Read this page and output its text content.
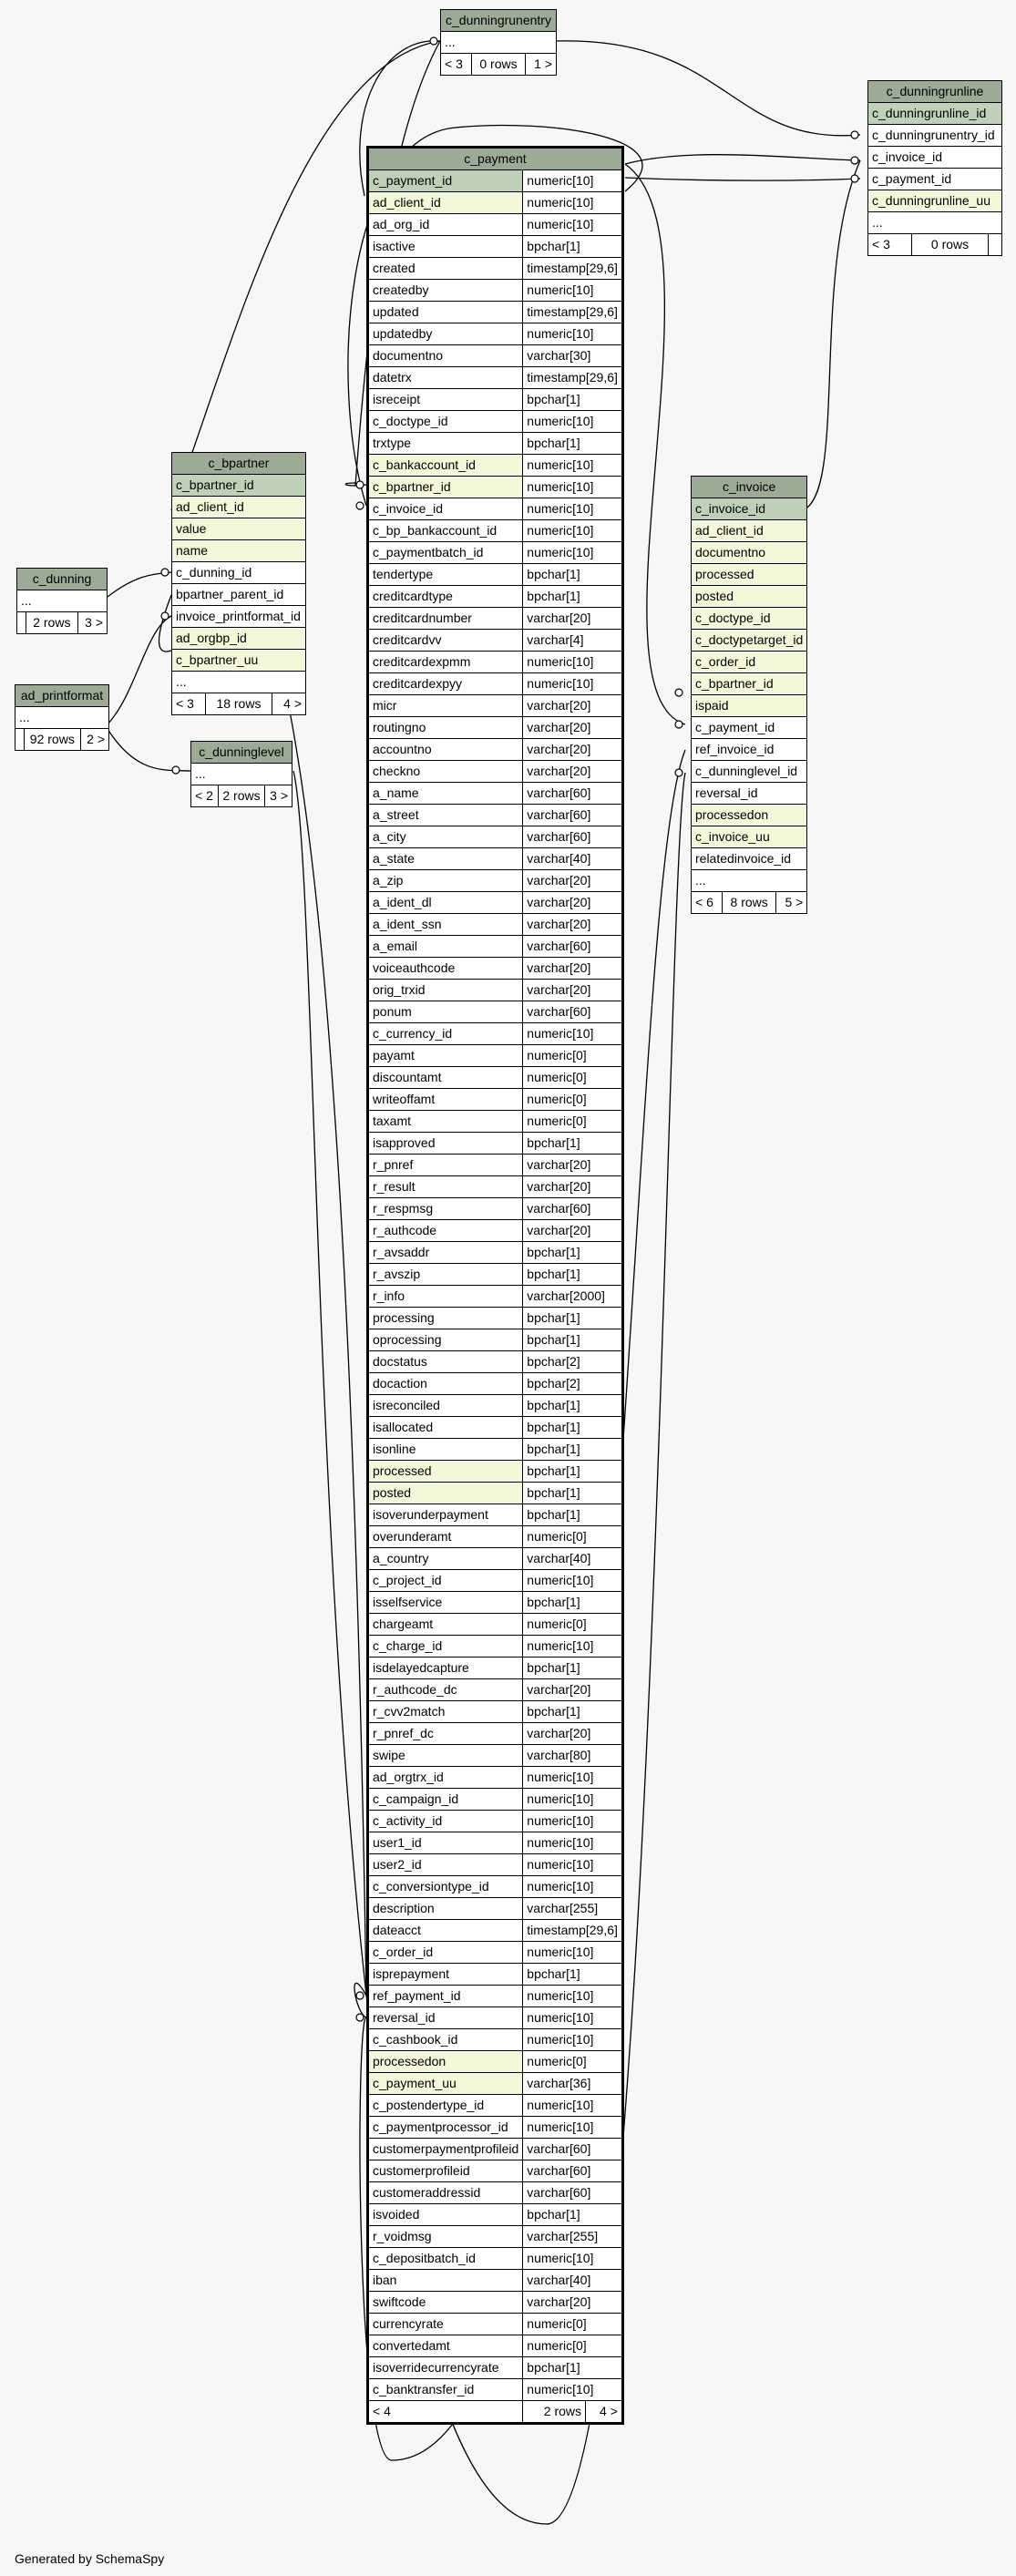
c_payment		
c_payment_id	numeric[10]	
ad_client_id	numeric[10]	
ad_org_id	numeric[10]	
isactive	bpchar[1]	
created	timestamp[29,6]	
createdby	numeric[10]	
updated	timestamp[29,6]	
updatedby	numeric[10]	
documentno	varchar[30]	
datetrx	timestamp[29,6]	
isreceipt	bpchar[1]	
c_doctype_id	numeric[10]	
trxtype	bpchar[1]	
c_bankaccount_id	numeric[10]	
c_bpartner_id	numeric[10]	
c_invoice_id	numeric[10]	
c_bp_bankaccount_id	numeric[10]	
c_paymentbatch_id	numeric[10]	
tendertype	bpchar[1]	
creditcardtype	bpchar[1]	
creditcardnumber	varchar[20]	
creditcardvv	varchar[4]	
creditcardexpmm	numeric[10]	
creditcardexpyy	numeric[10]	
micr	varchar[20]	
routingno	varchar[20]	
accountno	varchar[20]	
checkno	varchar[20]	
a_name	varchar[60]	
a_street	varchar[60]	
a_city	varchar[60]	
a_state	varchar[40]	
a_zip	varchar[20]	
a_ident_dl	varchar[20]	
a_ident_ssn	varchar[20]	
a_email	varchar[60]	
voiceauthcode	varchar[20]	
orig_trxid	varchar[20]	
ponum	varchar[60]	
c_currency_id	numeric[10]	
payamt	numeric[0]	
discountamt	numeric[0]	
writeoffamt	numeric[0]	
taxamt	numeric[0]	
isapproved	bpchar[1]	
r_pnref	varchar[20]	
r_result	varchar[20]	
r_respmsg	varchar[60]	
r_authcode	varchar[20]	
r_avsaddr	bpchar[1]	
r_avszip	bpchar[1]	
r_info	varchar[2000]	
processing	bpchar[1]	
oprocessing	bpchar[1]	
docstatus	bpchar[2]	
docaction	bpchar[2]	
isreconciled	bpchar[1]	
isallocated	bpchar[1]	
isonline	bpchar[1]	
processed	bpchar[1]	
posted	bpchar[1]	
isoverunderpayment	bpchar[1]	
overunderamt	numeric[0]	
a_country	varchar[40]	
c_project_id	numeric[10]	
isselfservice	bpchar[1]	
chargeamt	numeric[0]	
c_charge_id	numeric[10]	
isdelayedcapture	bpchar[1]	
r_authcode_dc	varchar[20]	
r_cvv2match	bpchar[1]	
r_pnref_dc	varchar[20]	
swipe	varchar[80]	
ad_orgtrx_id	numeric[10]	
c_campaign_id	numeric[10]	
c_activity_id	numeric[10]	
user1_id	numeric[10]	
user2_id	numeric[10]	
c_conversiontype_id	numeric[10]	
description	varchar[255]	
dateacct	timestamp[29,6]	
c_order_id	numeric[10]	
isprepayment	bpchar[1]	
ref_payment_id	numeric[10]	
reversal_id	numeric[10]	
c_cashbook_id	numeric[10]	
processedon	numeric[0]	
c_payment_uu	varchar[36]	
c_postendertype_id	numeric[10]	
c_paymentprocessor_id	numeric[10]	
customerpaymentprofileid	varchar[60]	
customerprofileid	varchar[60]	
customeraddressid	varchar[60]	
isvoided	bpchar[1]	
r_voidmsg	varchar[255]	
c_depositbatch_id	numeric[10]	
iban	varchar[40]	
swiftcode	varchar[20]	
currencyrate	numeric[0]	
convertedamt	numeric[0]	
isoverridecurrencyrate	bpchar[1]	
c_banktransfer_id	numeric[10]	
< 4	2 rows	4 >
c_dunningrunentry
...
< 3	0 rows	1 >
c_dunningrunline
c_dunningrunline_id
c_dunningrunentry_id
c_invoice_id
c_payment_id
c_dunningrunline_uu
...
< 3	0 rows	
c_bpartner
c_bpartner_id
ad_client_id
value
name
c_dunning_id
bpartner_parent_id
invoice_printformat_id
ad_orgbp_id
c_bpartner_uu
...
< 3	18 rows	4 >
c_dunning
...
	2 rows	3 >
ad_printformat
...
	92 rows	2 >
c_dunninglevel
...
< 2	2 rows	3 >
c_invoice
c_invoice_id
ad_client_id
documentno
processed
posted
c_doctype_id
c_doctypetarget_id
c_order_id
c_bpartner_id
ispaid
c_payment_id
ref_invoice_id
c_dunninglevel_id
reversal_id
processedon
c_invoice_uu
relatedinvoice_id
...
< 6	8 rows	5 >
Generated by SchemaSpy
